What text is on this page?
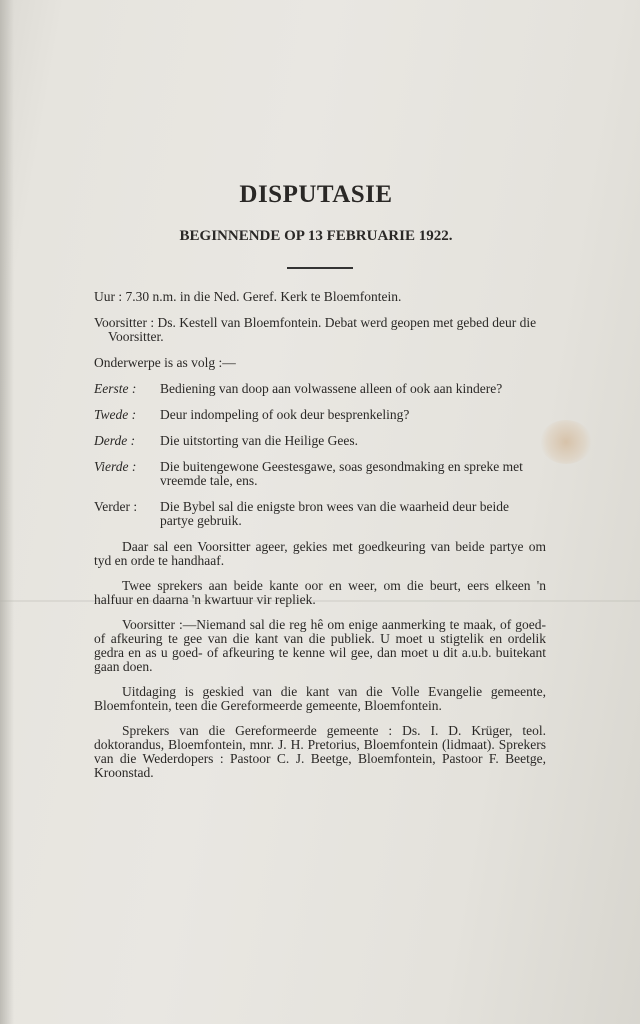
DISPUTASIE
BEGINNENDE OP 13 FEBRUARIE 1922.
Uur : 7.30 n.m. in die Ned. Geref. Kerk te Bloemfontein.
Voorsitter : Ds. Kestell van Bloemfontein. Debat werd geopen met gebed deur die Voorsitter.
Onderwerpe is as volg :—
Eerste :	Bediening van doop aan volwassene alleen of ook aan kindere?
Twede :	Deur indompeling of ook deur besprenkeling?
Derde :	Die uitstorting van die Heilige Gees.
Vierde :	Die buitengewone Geestesgawe, soas gesondmaking en spreke met vreemde tale, ens.
Verder :	Die Bybel sal die enigste bron wees van die waarheid deur beide partye gebruik.

Daar sal een Voorsitter ageer, gekies met goedkeuring van beide partye om tyd en orde te handhaaf.

Twee sprekers aan beide kante oor en weer, om die beurt, eers elkeen 'n halfuur en daarna 'n kwartuur vir repliek.

Voorsitter :—Niemand sal die reg hê om enige aanmerking te maak, of goed- of afkeuring te gee van die kant van die publiek. U moet u stigtelik en ordelik gedra en as u goed- of afkeuring te kenne wil gee, dan moet u dit a.u.b. buitekant gaan doen.

Uitdaging is geskied van die kant van die Volle Evangelie gemeente, Bloemfontein, teen die Gereformeerde gemeente, Bloemfontein.

Sprekers van die Gereformeerde gemeente : Ds. I. D. Krüger, teol. doktorandus, Bloemfontein, mnr. J. H. Pretorius, Bloemfontein (lidmaat). Sprekers van die Wederdopers : Pastoor C. J. Beetge, Bloemfontein, Pastoor F. Beetge, Kroonstad.
